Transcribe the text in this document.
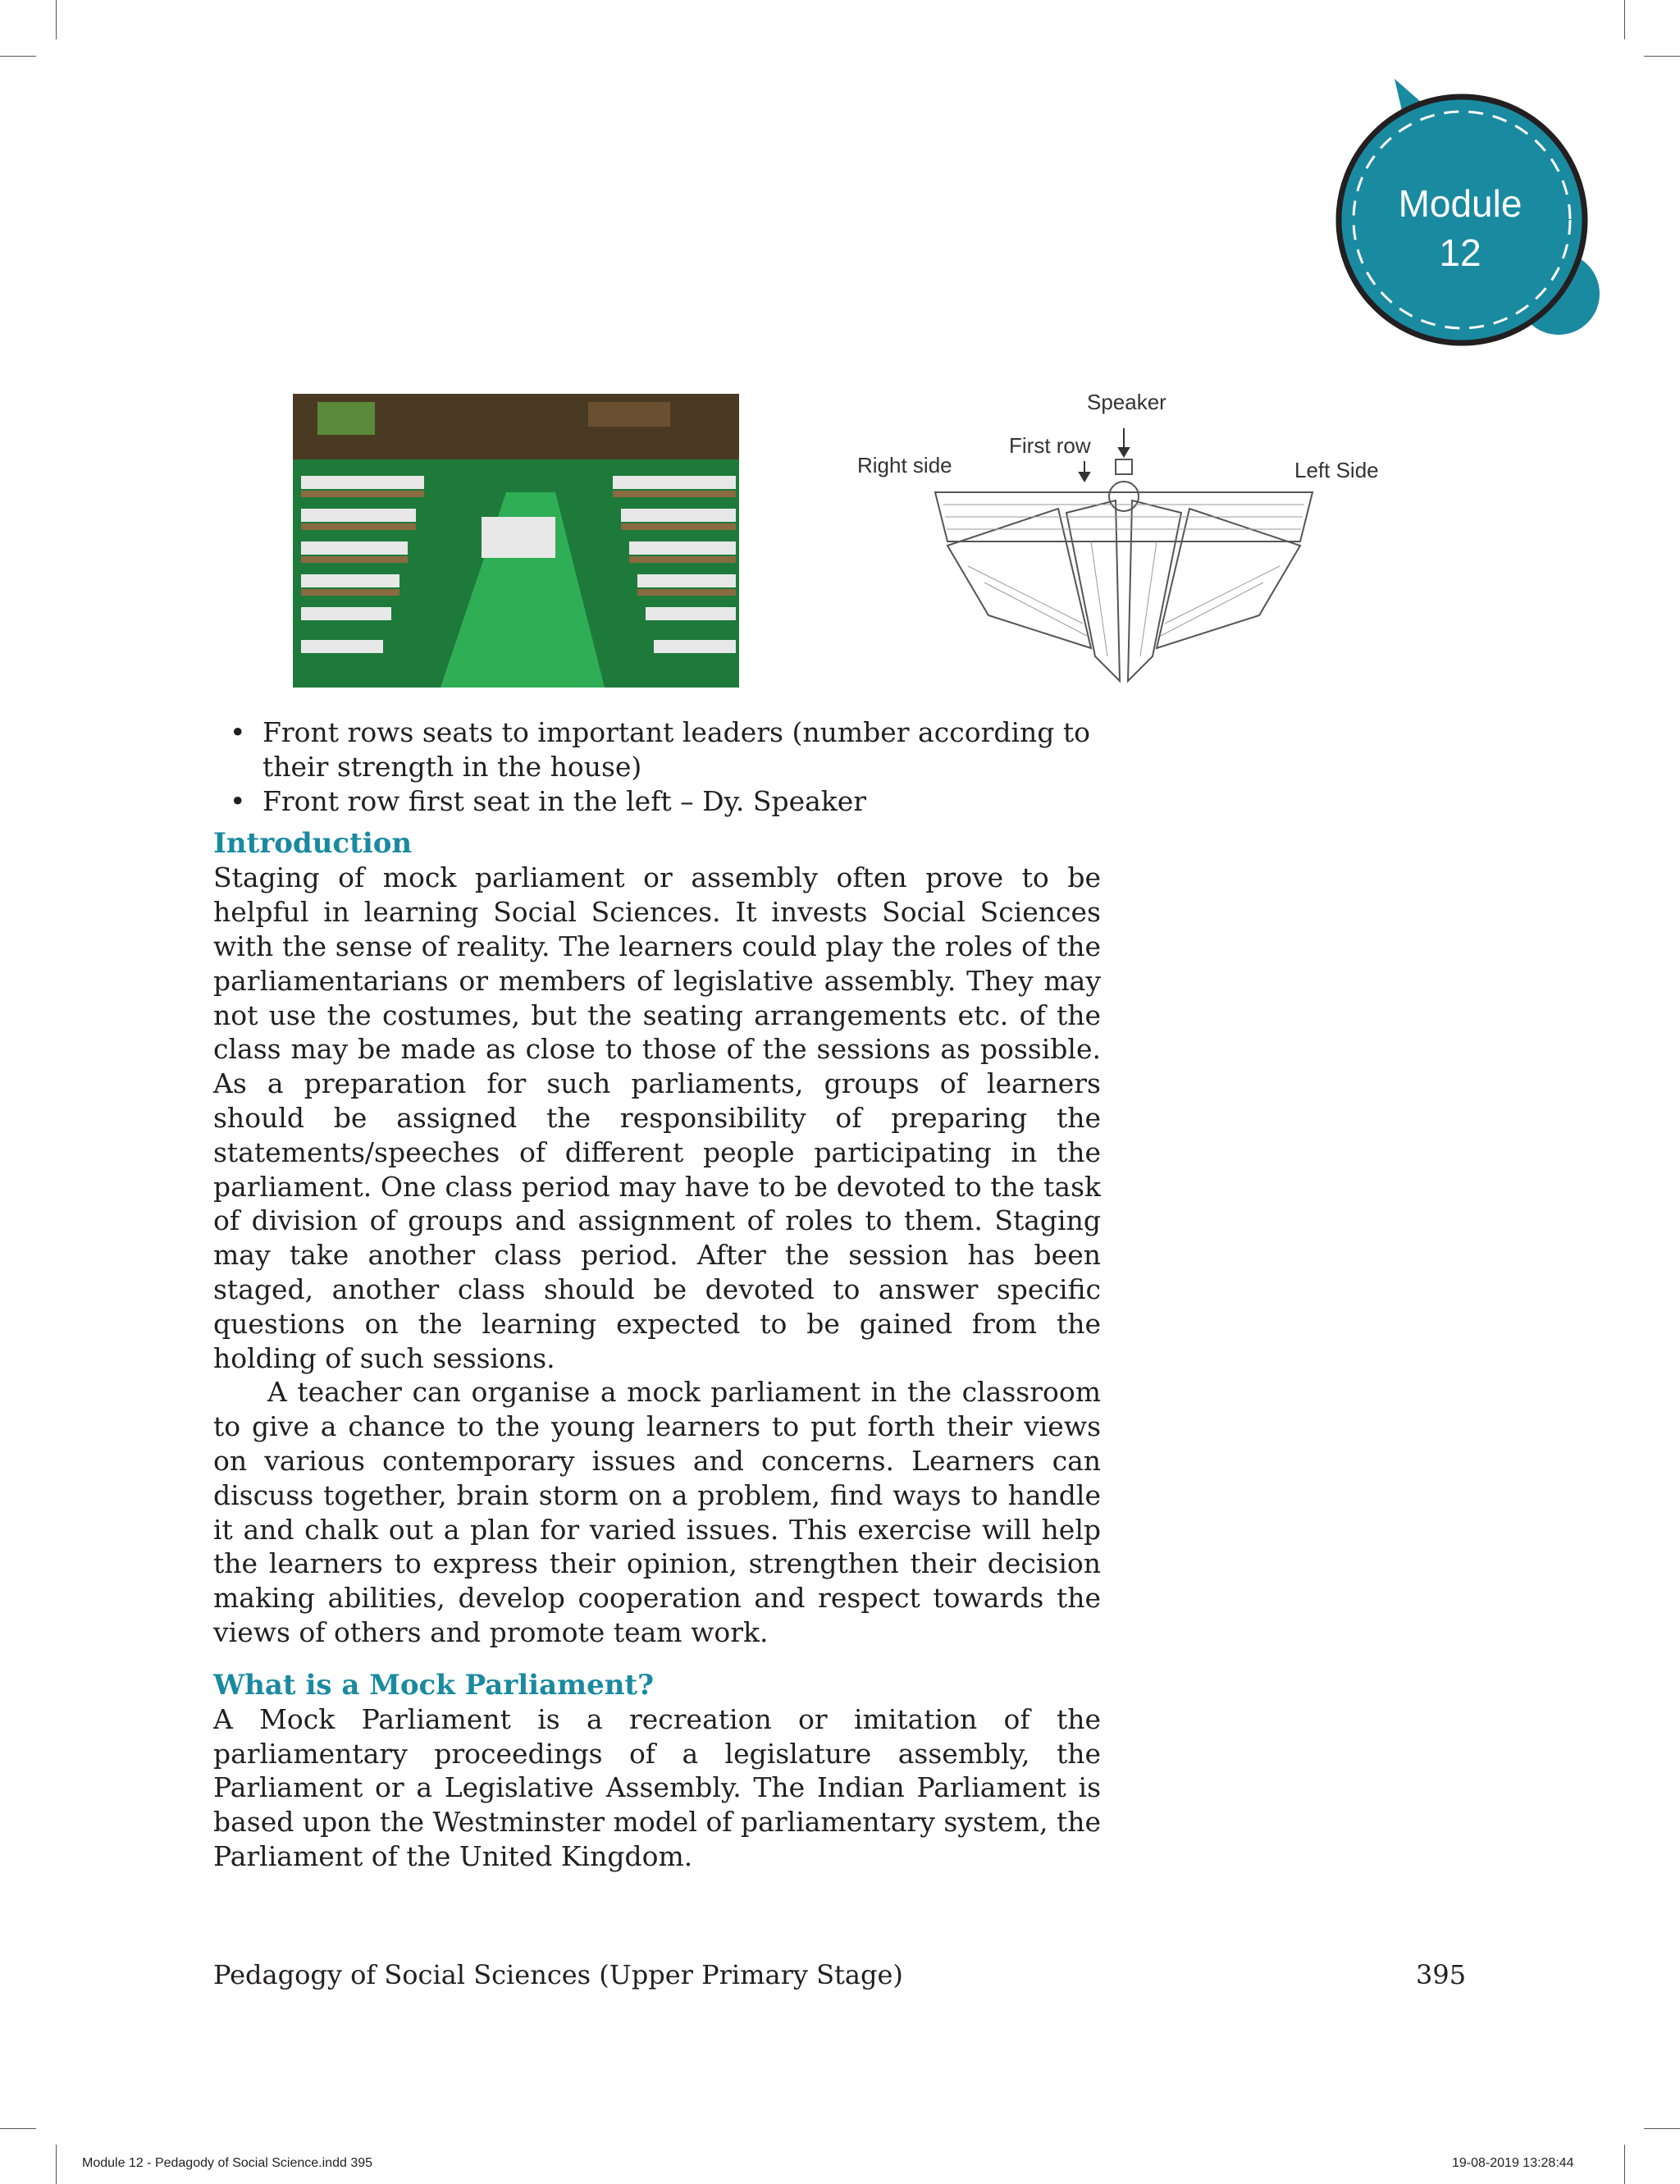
Module
12
Speaker
First row
Right side	Left Side
• Front rows seats to important leaders (number according to their strength in the house)
• Front row first seat in the left – Dy. Speaker
Introduction

Staging of mock parliament or assembly often prove to be helpful in learning Social Sciences. It invests Social Sciences with the sense of reality. The learners could play the roles of the parliamentarians or members of legislative assembly. They may not use the costumes, but the seating arrangements etc. of the class may be made as close to those of the sessions as possible. As a preparation for such parliaments, groups of learners should be assigned the responsibility of preparing the statements/speeches of different people participating in the parliament. One class period may have to be devoted to the task of division of groups and assignment of roles to them. Staging may take another class period. After the session has been staged, another class should be devoted to answer specific questions on the learning expected to be gained from the holding of such sessions.

A teacher can organise a mock parliament in the classroom to give a chance to the young learners to put forth their views on various contemporary issues and concerns. Learners can discuss together, brain storm on a problem, find ways to handle it and chalk out a plan for varied issues. This exercise will help the learners to express their opinion, strengthen their decision making abilities, develop cooperation and respect towards the views of others and promote team work.

What is a Mock Parliament?

A Mock Parliament is a recreation or imitation of the parliamentary proceedings of a legislature assembly, the Parliament or a Legislative Assembly. The Indian Parliament is based upon the Westminster model of parliamentary system, the Parliament of the United Kingdom.

Pedagogy of Social Sciences (Upper Primary Stage)	395
Module 12 - Pedagody of Social Science.indd 395	19-08-2019 13:28:44
